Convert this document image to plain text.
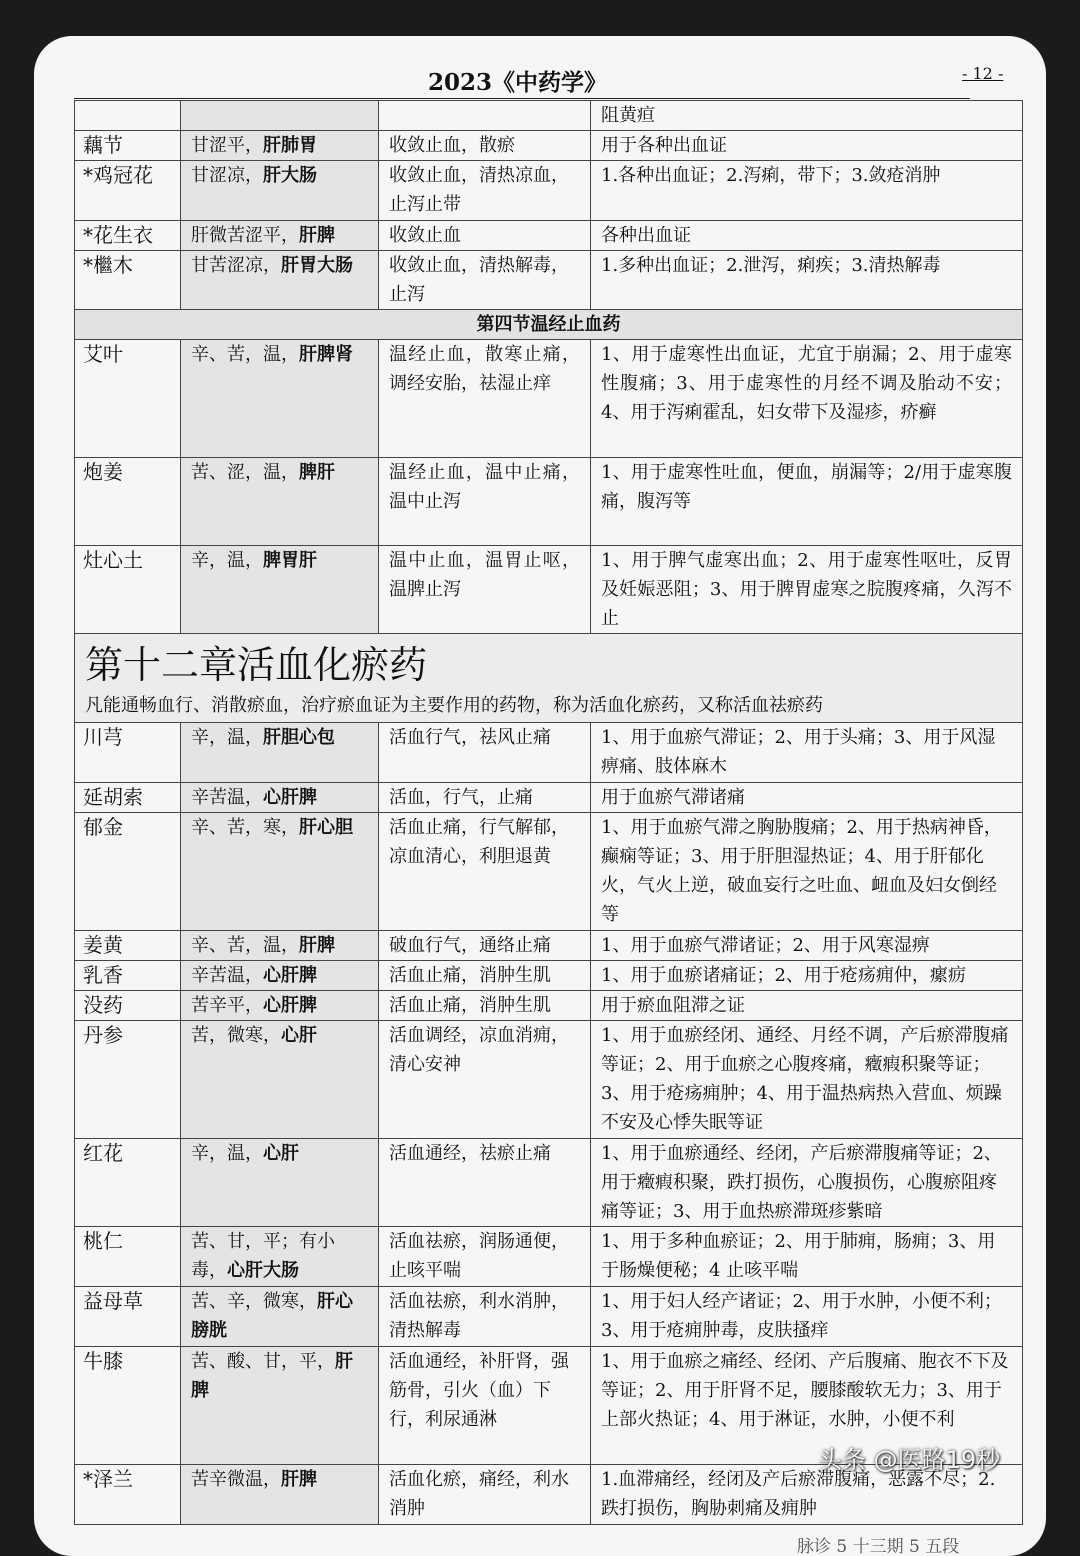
2023《中药学》	- 12 -
			阻黄疸
藕节	甘涩平，肝肺胃	收敛止血，散瘀	用于各种出血证
*鸡冠花	甘涩凉，肝大肠	收敛止血，清热凉血，止泻止带	1.各种出血证；2.泻痢，带下；3.敛疮消肿
*花生衣	肝微苦涩平，肝脾	收敛止血	各种出血证
*檵木	甘苦涩凉，肝胃大肠	收敛止血，清热解毒，止泻	1.多种出血证；2.泄泻，痢疾；3.清热解毒
第四节温经止血药			
艾叶	辛、苦，温，肝脾肾	温经止血，散寒止痛，调经安胎，祛湿止痒	1、用于虚寒性出血证，尤宜于崩漏；2、用于虚寒性腹痛；3、用于虚寒性的月经不调及胎动不安；4、用于泻痢霍乱，妇女带下及湿疹，疥癣
炮姜	苦、涩，温，脾肝	温经止血，温中止痛，温中止泻	1、用于虚寒性吐血，便血，崩漏等；2/用于虚寒腹痛，腹泻等
灶心土	辛，温，脾胃肝	温中止血，温胃止呕，温脾止泻	1、用于脾气虚寒出血；2、用于虚寒性呕吐，反胃及妊娠恶阻；3、用于脾胃虚寒之脘腹疼痛，久泻不止

第十二章活血化瘀药
凡能通畅血行、消散瘀血，治疗瘀血证为主要作用的药物，称为活血化瘀药，又称活血祛瘀药			

川芎	辛，温，肝胆心包	活血行气，祛风止痛	1、用于血瘀气滞证；2、用于头痛；3、用于风湿痹痛、肢体麻木
延胡索	辛苦温，心肝脾	活血，行气，止痛	用于血瘀气滞诸痛
郁金	辛、苦，寒，肝心胆	活血止痛，行气解郁，凉血清心，利胆退黄	1、用于血瘀气滞之胸胁腹痛；2、用于热病神昏，癫痫等证；3、用于肝胆湿热证；4、用于肝郁化火，气火上逆，破血妄行之吐血、衄血及妇女倒经等
姜黄	辛、苦，温，肝脾	破血行气，通络止痛	1、用于血瘀气滞诸证；2、用于风寒湿痹
乳香	辛苦温，心肝脾	活血止痛，消肿生肌	1、用于血瘀诸痛证；2、用于疮疡痈仲，瘰疬
没药	苦辛平，心肝脾	活血止痛，消肿生肌	用于瘀血阻滞之证
丹参	苦，微寒，心肝	活血调经，凉血消痈，清心安神	1、用于血瘀经闭、通经、月经不调，产后瘀滞腹痛等证；2、用于血瘀之心腹疼痛，癥瘕积聚等证；3、用于疮疡痈肿；4、用于温热病热入营血、烦躁不安及心悸失眠等证
红花	辛，温，心肝	活血通经，祛瘀止痛	1、用于血瘀通经、经闭，产后瘀滞腹痛等证；2、用于癥瘕积聚，跌打损伤，心腹损伤，心腹瘀阻疼痛等证；3、用于血热瘀滞斑疹紫暗
桃仁	苦、甘，平；有小毒，心肝大肠	活血祛瘀，润肠通便，止咳平喘	1、用于多种血瘀证；2、用于肺痈，肠痈；3、用于肠燥便秘；4 止咳平喘
益母草	苦、辛，微寒，肝心膀胱	活血祛瘀，利水消肿，清热解毒	1、用于妇人经产诸证；2、用于水肿，小便不利；3、用于疮痈肿毒，皮肤搔痒
牛膝	苦、酸、甘，平，肝脾	活血通经，补肝肾，强筋骨，引火（血）下行，利尿通淋	1、用于血瘀之痛经、经闭、产后腹痛、胞衣不下及等证；2、用于肝肾不足，腰膝酸软无力；3、用于上部火热证；4、用于淋证，水肿，小便不利
*泽兰	苦辛微温，肝脾	活血化瘀，痛经，利水消肿	1.血滞痛经，经闭及产后瘀滞腹痛，恶露不尽；2.跌打损伤，胸胁刺痛及痈肿
脉诊 5 十三期 5 五段
头条 @医路19秒
